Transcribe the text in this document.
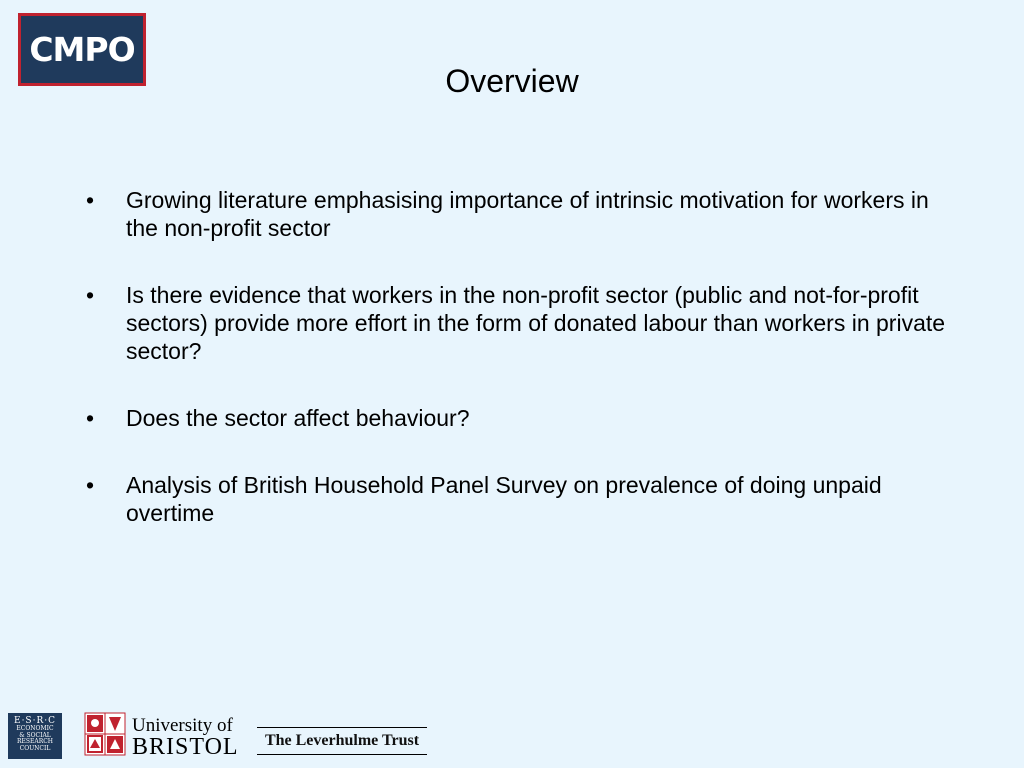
CMPO
Overview
•	Growing literature emphasising importance of intrinsic motivation for workers in the non-profit sector
•	Is there evidence that workers in the non-profit sector (public and not-for-profit sectors) provide more effort in the form of donated labour than workers in private sector?
•	Does the sector affect behaviour?
•	Analysis of British Household Panel Survey on prevalence of doing unpaid overtime
E·S·R·C
ECONOMIC
& SOCIAL
RESEARCH
COUNCIL
University of
BRISTOL	The Leverhulme Trust
